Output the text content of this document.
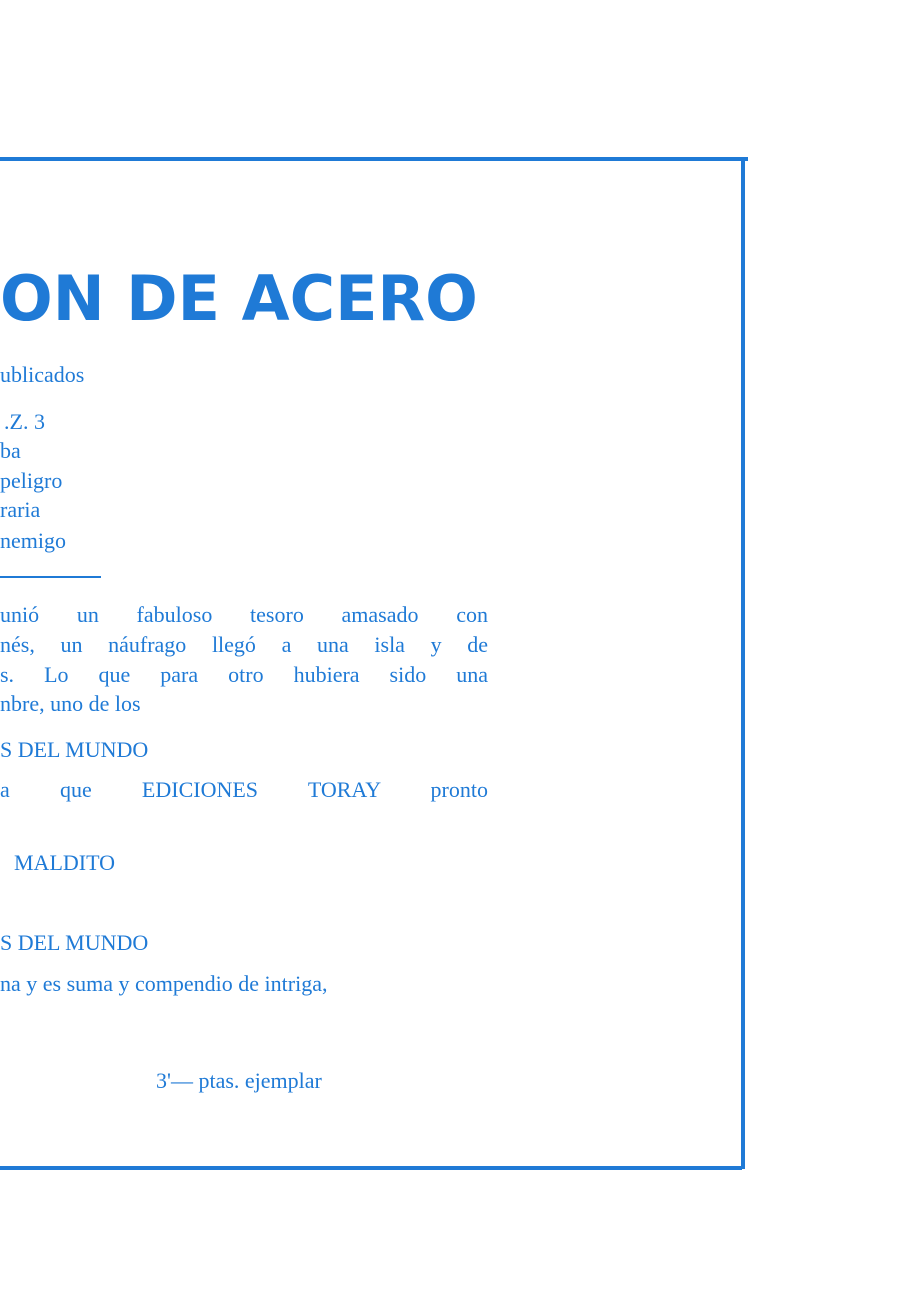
ON DE ACERO
ublicados
.Z. 3
ba
peligro
raria
nemigo
unió un fabuloso tesoro amasado con
nés, un náufrago llegó a una isla y de
s. Lo que para otro hubiera sido una
nbre, uno de los
S DEL MUNDO
a que EDICIONES TORAY pronto
MALDITO
S DEL MUNDO
na y es suma y compendio de intriga,
3'— ptas. ejemplar
